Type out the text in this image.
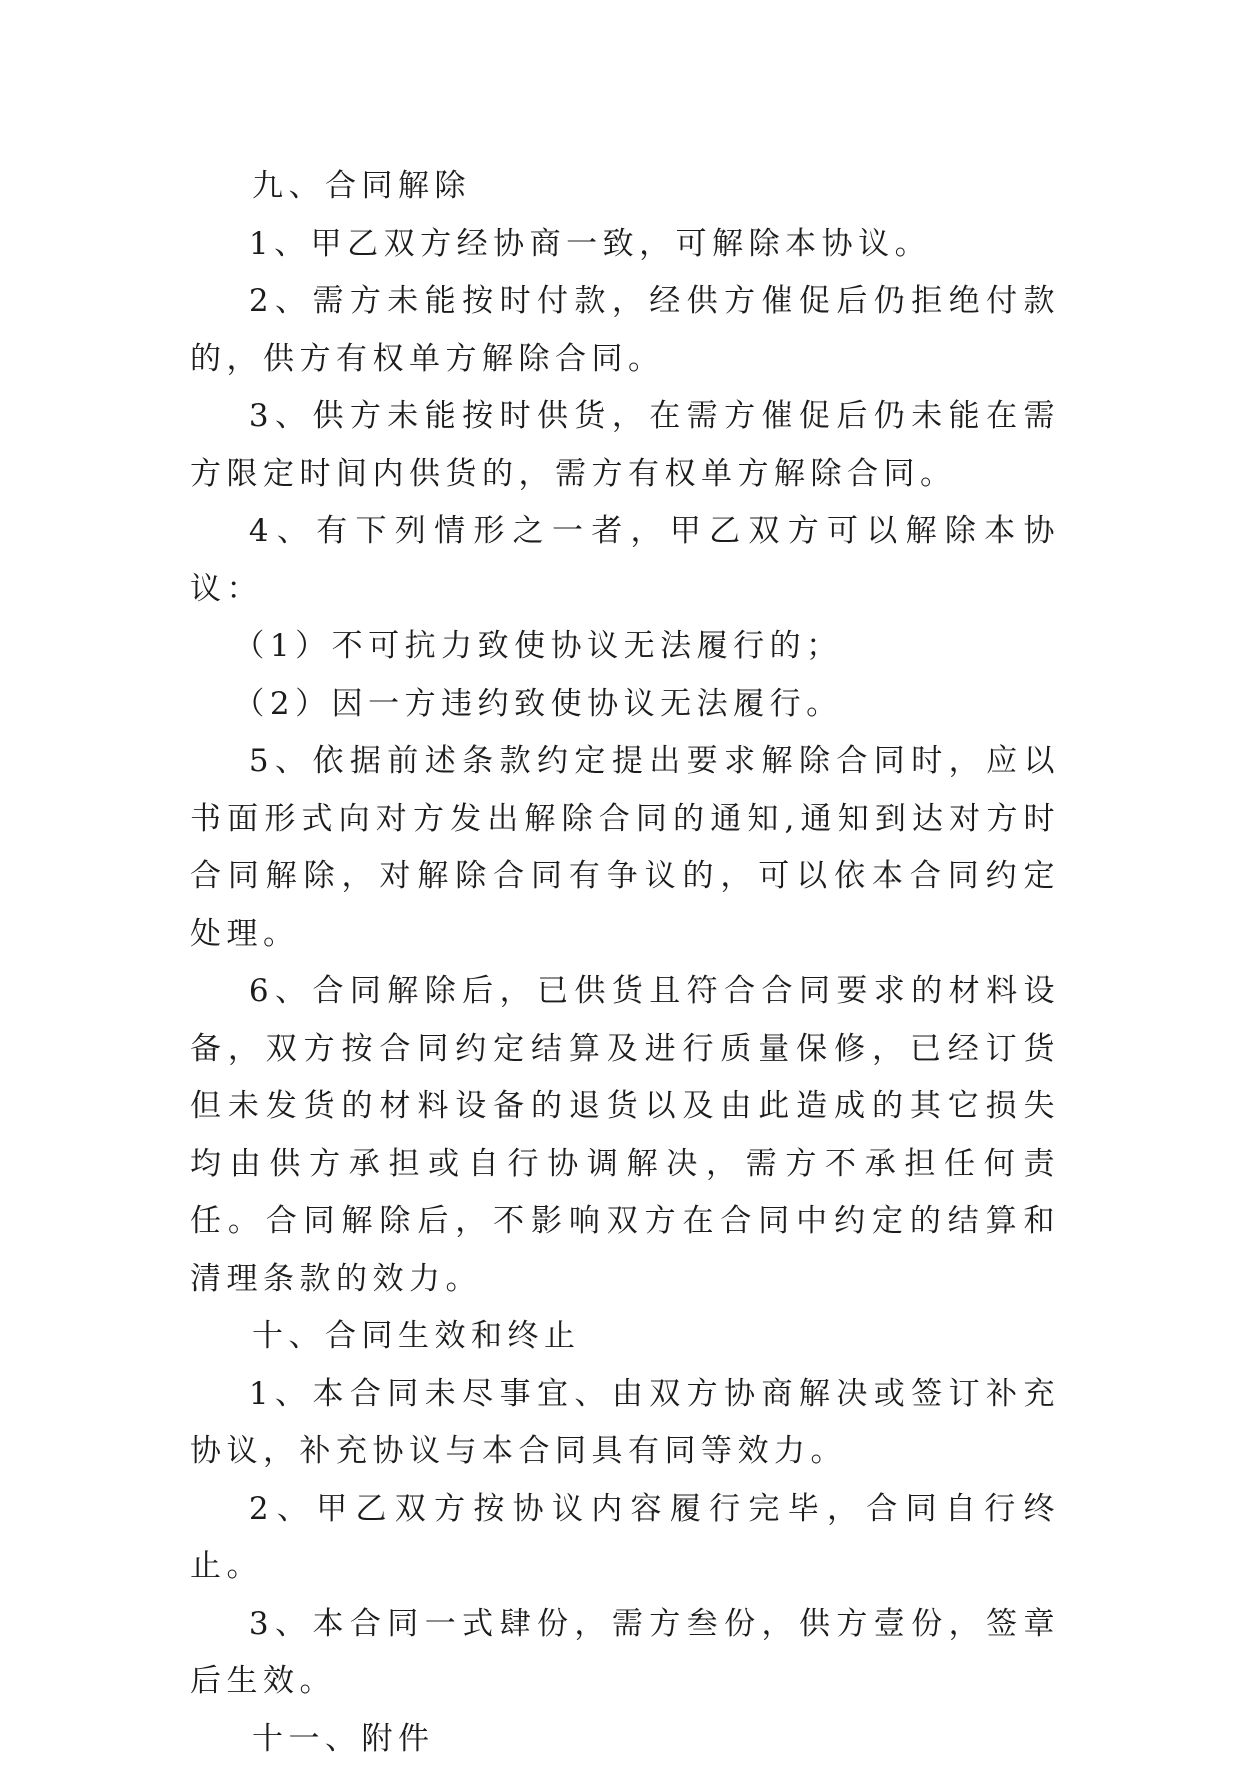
九、合同解除

1、甲乙双方经协商一致，可解除本协议。

2、需方未能按时付款，经供方催促后仍拒绝付款的，供方有权单方解除合同。

3、供方未能按时供货，在需方催促后仍未能在需方限定时间内供货的，需方有权单方解除合同。

4、有下列情形之一者，甲乙双方可以解除本协议：

（1）不可抗力致使协议无法履行的；

（2）因一方违约致使协议无法履行。

5、依据前述条款约定提出要求解除合同时，应以书面形式向对方发出解除合同的通知,通知到达对方时合同解除，对解除合同有争议的，可以依本合同约定处理。

6、合同解除后，已供货且符合合同要求的材料设备，双方按合同约定结算及进行质量保修，已经订货但未发货的材料设备的退货以及由此造成的其它损失均由供方承担或自行协调解决，需方不承担任何责任。合同解除后，不影响双方在合同中约定的结算和清理条款的效力。

十、合同生效和终止

1、本合同未尽事宜、由双方协商解决或签订补充协议，补充协议与本合同具有同等效力。

2、甲乙双方按协议内容履行完毕，合同自行终止。

3、本合同一式肆份，需方叁份，供方壹份，签章后生效。

十一、附件
